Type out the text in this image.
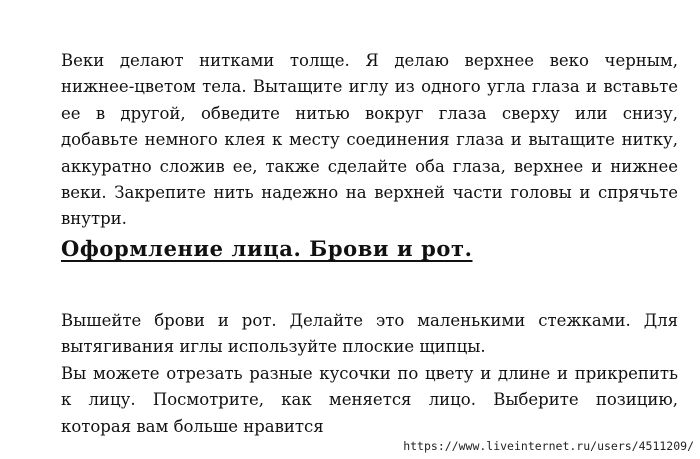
Веки делают нитками толще. Я делаю верхнее веко черным,
нижнее-цветом тела. Вытащите иглу из одного угла глаза и вставьте
ее в другой, обведите нитью вокруг глаза сверху или снизу,
добавьте немного клея к месту соединения глаза и вытащите нитку,
аккуратно сложив ее, также сделайте оба глаза, верхнее и нижнее
веки. Закрепите нить надежно на верхней части головы и спрячьте
внутри.

Оформление лица. Брови и рот.

Вышейте брови и рот. Делайте это маленькими стежками. Для
вытягивания иглы используйте плоские щипцы.
Вы можете отрезать разные кусочки по цвету и длине и прикрепить
к лицу. Посмотрите, как меняется лицо. Выберите позицию,
которая вам больше нравится

https://www.liveinternet.ru/users/4511209/
